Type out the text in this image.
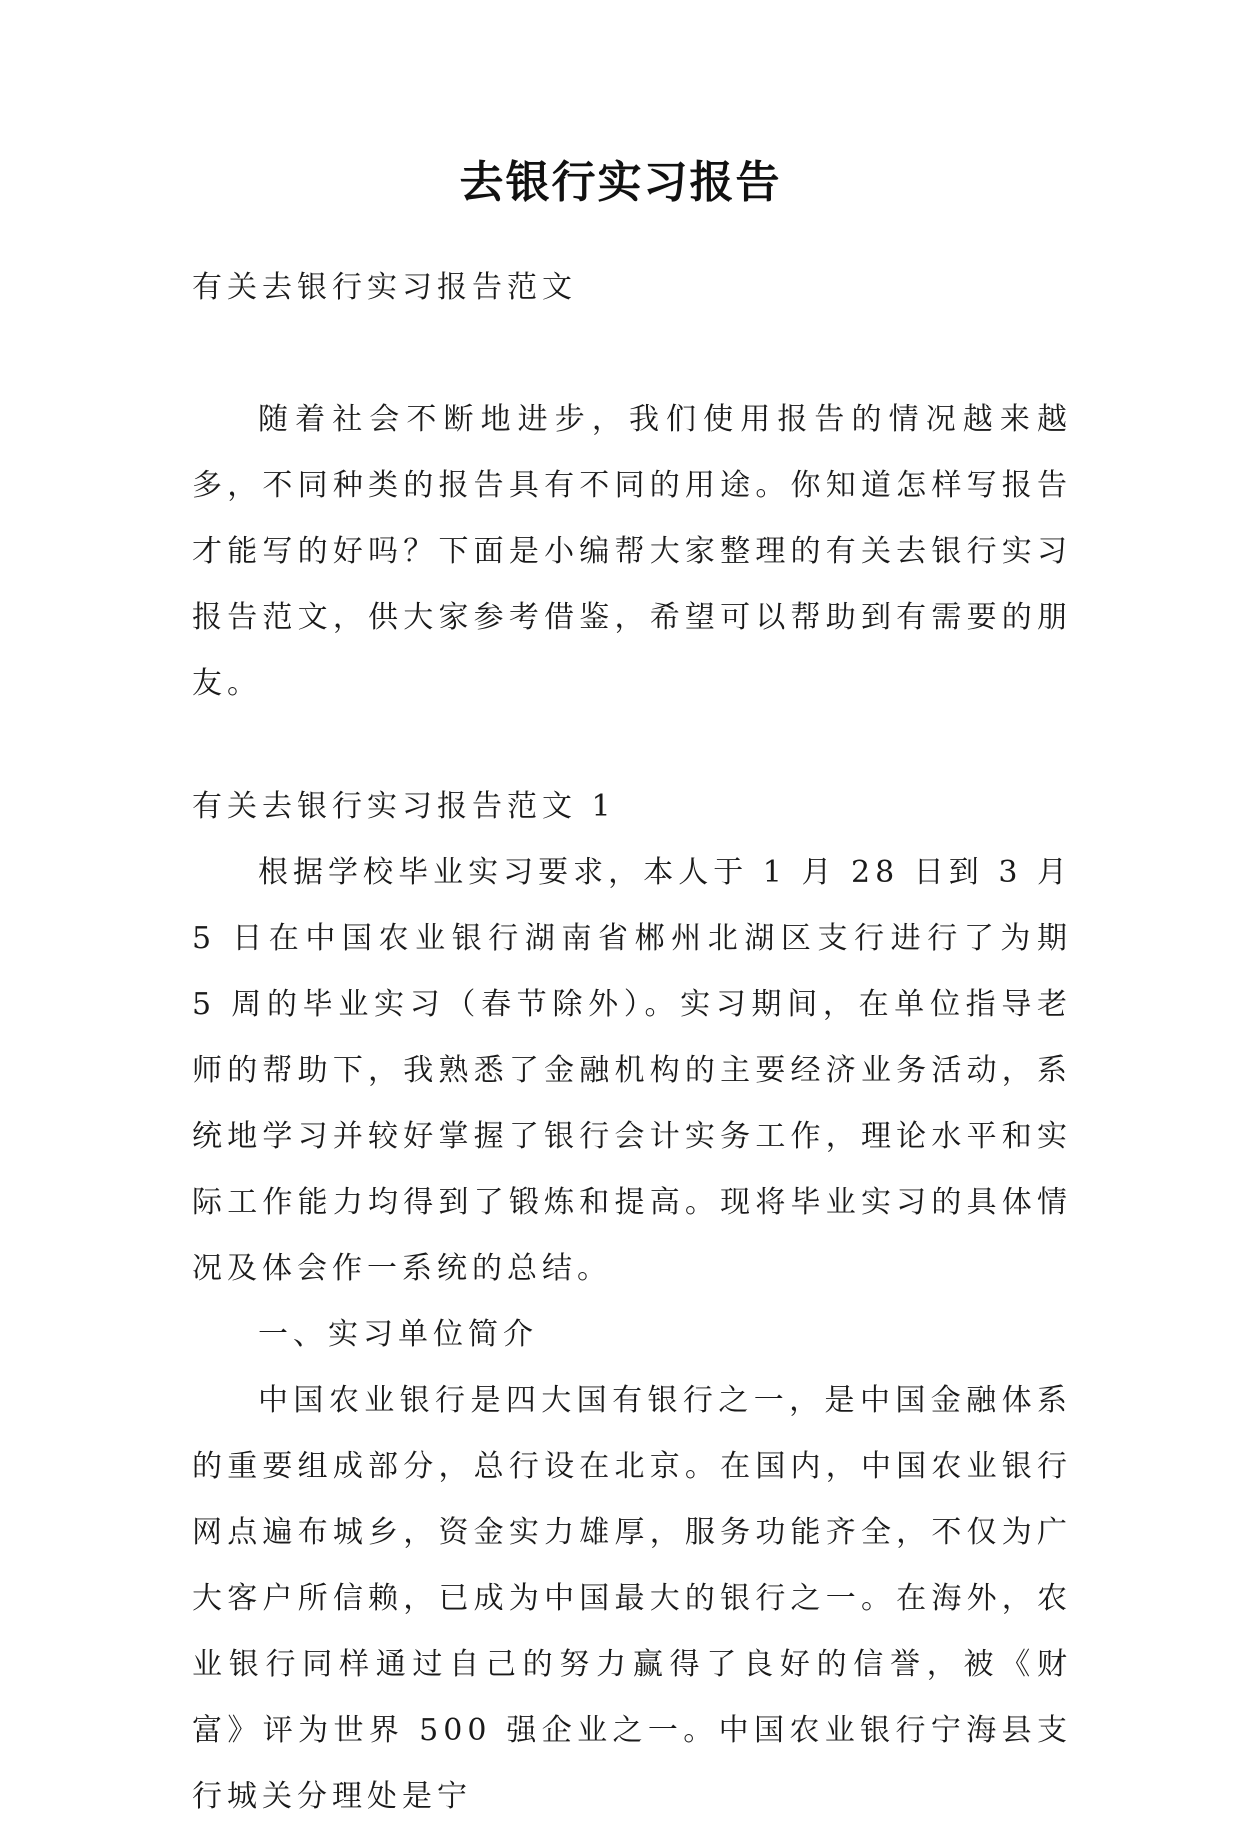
去银行实习报告

有关去银行实习报告范文

随着社会不断地进步，我们使用报告的情况越来越多，不同种类的报告具有不同的用途。你知道怎样写报告才能写的好吗？下面是小编帮大家整理的有关去银行实习报告范文，供大家参考借鉴，希望可以帮助到有需要的朋友。

有关去银行实习报告范文 1

根据学校毕业实习要求，本人于 1 月 28 日到 3 月 5 日在中国农业银行湖南省郴州北湖区支行进行了为期 5 周的毕业实习（春节除外）。实习期间，在单位指导老师的帮助下，我熟悉了金融机构的主要经济业务活动，系统地学习并较好掌握了银行会计实务工作，理论水平和实际工作能力均得到了锻炼和提高。现将毕业实习的具体情况及体会作一系统的总结。

一、实习单位简介

中国农业银行是四大国有银行之一，是中国金融体系的重要组成部分，总行设在北京。在国内，中国农业银行网点遍布城乡，资金实力雄厚，服务功能齐全，不仅为广大客户所信赖，已成为中国最大的银行之一。在海外，农业银行同样通过自己的努力赢得了良好的信誉，被《财富》评为世界 500 强企业之一。中国农业银行宁海县支行城关分理处是宁
